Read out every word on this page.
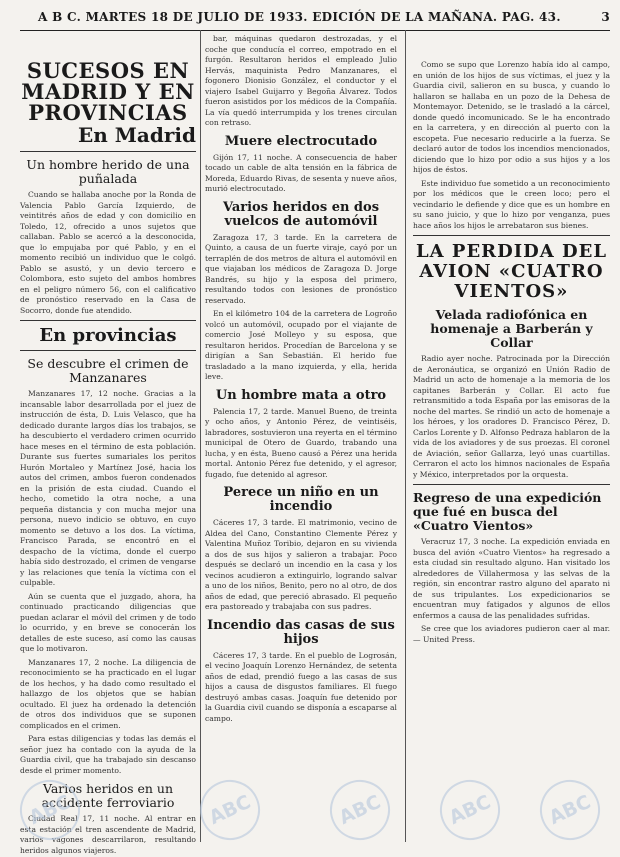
A B C. MARTES 18 DE JULIO DE 1933. EDICIÓN DE LA MAÑANA. PAG. 43.	3
SUCESOS EN MADRID Y EN PROVINCIAS
En Madrid
Un hombre herido de una puñalada

Cuando se hallaba anoche por la Ronda de Valencia Pablo García Izquierdo, de veintitrés años de edad y con domicilio en Toledo, 12, ofrecido a unos sujetos que callaban. Pablo se acercó a la desconocida, que lo empujaba por qué Pablo, y en el momento recibió un individuo que le colgó. Pablo se asustó, y un devio tercero e Colombora, esto sujeto del ambos hombres en el peligro número 56, con el calificativo de pronóstico reservado en la Casa de Socorro, donde fue atendido.

En provincias
Se descubre el crimen de Manzanares

Manzanares 17, 12 noche. Gracias a la incansable labor desarrollada por el juez de instrucción de ésta, D. Luis Velasco, que ha dedicado durante largos días los trabajos, se ha descubierto el verdadero crimen ocurrido hace meses en el término de esta población. Durante sus fuertes sumariales los peritos Hurón Mortaleo y Martínez José, hacia los autos del crimen, ambos fueron condenados en la prisión de esta ciudad. Cuando el hecho, cometido la otra noche, a una pequeña distancia y con mucha mejor una persona, nuevo indicio se obtuvo, en cuyo momento se detuvo a los dos. La víctima, Francisco Parada, se encontró en el despacho de la víctima, donde el cuerpo había sido destrozado, el crimen de vengarse y las relaciones que tenía la víctima con el culpable.

Aún se cuenta que el juzgado, ahora, ha continuado practicando diligencias que puedan aclarar el móvil del crimen y de todo lo ocurrido, y en breve se conocerán los detalles de este suceso, así como las causas que lo motivaron.

Manzanares 17, 2 noche. La diligencia de reconocimiento se ha practicado en el lugar de los hechos, y ha dado como resultado el hallazgo de los objetos que se habían ocultado. El juez ha ordenado la detención de otros dos individuos que se suponen complicados en el crimen.

Para estas diligencias y todas las demás el señor juez ha contado con la ayuda de la Guardia civil, que ha trabajado sin descanso desde el primer momento.

Varios heridos en un accidente ferroviario

Ciudad Real 17, 11 noche. Al entrar en esta estación el tren ascendente de Madrid, varios vagones descarrilaron, resultando heridos algunos viajeros.

bar, máquinas quedaron destrozadas, y el coche que conducía el correo, empotrado en el furgón. Resultaron heridos el empleado Julio Hervás, maquinista Pedro Manzanares, el fogonero Dionisio González, el conductor y el viajero Isabel Guijarro y Begoña Álvarez. Todos fueron asistidos por los médicos de la Compañía. La vía quedó interrumpida y los trenes circulan con retraso.

Muere electrocutado

Gijón 17, 11 noche. A consecuencia de haber tocado un cable de alta tensión en la fábrica de Moreda, Eduardo Rivas, de sesenta y nueve años, murió electrocutado.

Varios heridos en dos vuelcos de automóvil

Zaragoza 17, 3 tarde. En la carretera de Quinto, a causa de un fuerte viraje, cayó por un terraplén de dos metros de altura el automóvil en que viajaban los médicos de Zaragoza D. Jorge Bandrés, su hijo y la esposa del primero, resultando todos con lesiones de pronóstico reservado.

En el kilómetro 104 de la carretera de Logroño volcó un automóvil, ocupado por el viajante de comercio José Molleyo y su esposa, que resultaron heridos. Procedían de Barcelona y se dirigían a San Sebastián. El herido fue trasladado a la mano izquierda, y ella, herida leve.

Un hombre mata a otro

Palencia 17, 2 tarde. Manuel Bueno, de treinta y ocho años, y Antonio Pérez, de veintiséis, labradores, sostuvieron una reyerta en el término municipal de Otero de Guardo, trabando una lucha, y en ésta, Bueno causó a Pérez una herida mortal. Antonio Pérez fue detenido, y el agresor, fugado, fue detenido al agresor.

Perece un niño en un incendio

Cáceres 17, 3 tarde. El matrimonio, vecino de Aldea del Cano, Constantino Clemente Pérez y Valentina Muñoz Toribio, dejaron en su vivienda a dos de sus hijos y salieron a trabajar. Poco después se declaró un incendio en la casa y los vecinos acudieron a extinguirlo, logrando salvar a uno de los niños, Benito, pero no al otro, de dos años de edad, que pereció abrasado. El pequeño era pastoreado y trabajaba con sus padres.

Incendio das casas de sus hijos

Cáceres 17, 3 tarde. En el pueblo de Logrosán, el vecino Joaquín Lorenzo Hernández, de setenta años de edad, prendió fuego a las casas de sus hijos a causa de disgustos familiares. El fuego destruyó ambas casas. Joaquín fue detenido por la Guardia civil cuando se disponía a escaparse al campo.

Como se supo que Lorenzo había ido al campo, en unión de los hijos de sus víctimas, el juez y la Guardia civil, salieron en su busca, y cuando lo hallaron se hallaba en un pozo de la Dehesa de Montemayor. Detenido, se le trasladó a la cárcel, donde quedó incomunicado. Se le ha encontrado en la carretera, y en dirección al puerto con la escopeta. Fue necesario reducirle a la fuerza. Se declaró autor de todos los incendios mencionados, diciendo que lo hizo por odio a sus hijos y a los hijos de éstos.

Este individuo fue sometido a un reconocimiento por los médicos que le creen loco; pero el vecindario le defiende y dice que es un hombre en su sano juicio, y que lo hizo por venganza, pues hace años los hijos le arrebataron sus bienes.

LA PERDIDA DEL AVION «CUATRO VIENTOS»
Velada radiofónica en homenaje a Barberán y Collar

Radio ayer noche. Patrocinada por la Dirección de Aeronáutica, se organizó en Unión Radio de Madrid un acto de homenaje a la memoria de los capitanes Barberán y Collar. El acto fue retransmitido a toda España por las emisoras de la noche del martes. Se rindió un acto de homenaje a los héroes, y los oradores D. Francisco Pérez, D. Carlos Lorente y D. Alfonso Pedraza hablaron de la vida de los aviadores y de sus proezas. El coronel de Aviación, señor Gallarza, leyó unas cuartillas. Cerraron el acto los himnos nacionales de España y México, interpretados por la orquesta.

Regreso de una expedición que fué en busca del «Cuatro Vientos»

Veracruz 17, 3 noche. La expedición enviada en busca del avión «Cuatro Vientos» ha regresado a esta ciudad sin resultado alguno. Han visitado los alrededores de Villahermosa y las selvas de la región, sin encontrar rastro alguno del aparato ni de sus tripulantes. Los expedicionarios se encuentran muy fatigados y algunos de ellos enfermos a causa de las penalidades sufridas.

Se cree que los aviadores pudieron caer al mar. — United Press.

ABC	ABC	ABC	ABC	ABC
